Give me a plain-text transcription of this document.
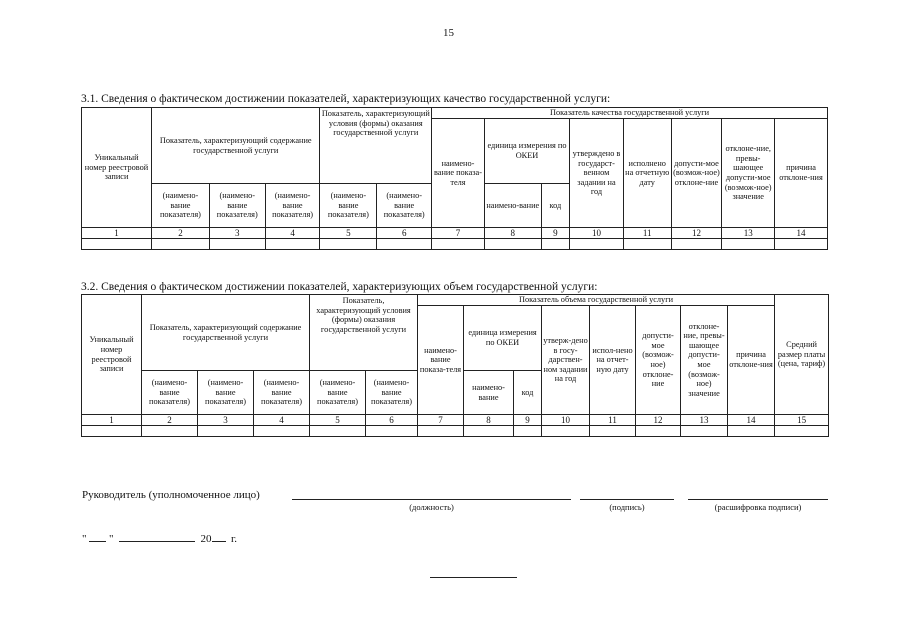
15
3.1. Сведения о фактическом достижении показателей, характеризующих качество государственной услуги:
Уникальный номер реестровой записи	Показатель, характеризующий содержание государственной услуги			Показатель, характеризующий условия (формы) оказания государственной услуги		Показатель качества государственной услуги							
						наимено-вание показа-теля	единица измерения по ОКЕИ		утверждено в государст-венном задании на год	исполнено на отчетную дату	допусти-мое (возмож-ное) отклоне-ние	отклоне-ние, превы-шающее допусти-мое (возмож-ное) значение	причина отклоне-ния
	(наимено-вание показателя)	(наимено-вание показателя)	(наимено-вание показателя)	(наимено-вание показателя)	(наимено-вание показателя)		наимено-вание	код					
1	2	3	4	5	6	7	8	9	10	11	12	13	14

3.2. Сведения о фактическом достижении показателей, характеризующих объем государственной услуги:
Уникальный номер реестровой записи	Показатель, характеризующий содержание государственной услуги			Показатель, характеризующий условия (формы) оказания государственной услуги		Показатель объема государственной услуги								Средний размер платы (цена, тариф)
						наимено-вание показа-теля	единица измерения по ОКЕИ		утверж-дено в госу-дарствен-ном задании на год	испол-нено на отчет-ную дату	допусти-мое (возмож-ное) отклоне-ние	отклоне-ние, превы-шающее допусти-мое (возмож-ное) значение	причина отклоне-ния	
	(наимено-вание показателя)	(наимено-вание показателя)	(наимено-вание показателя)	(наимено-вание показателя)	(наимено-вание показателя)		наимено-вание	код						
1	2	3	4	5	6	7	8	9	10	11	12	13	14	15

Руководитель (уполномоченное лицо)
(должность)	(подпись)	(расшифровка подписи)
" "	20 г.
